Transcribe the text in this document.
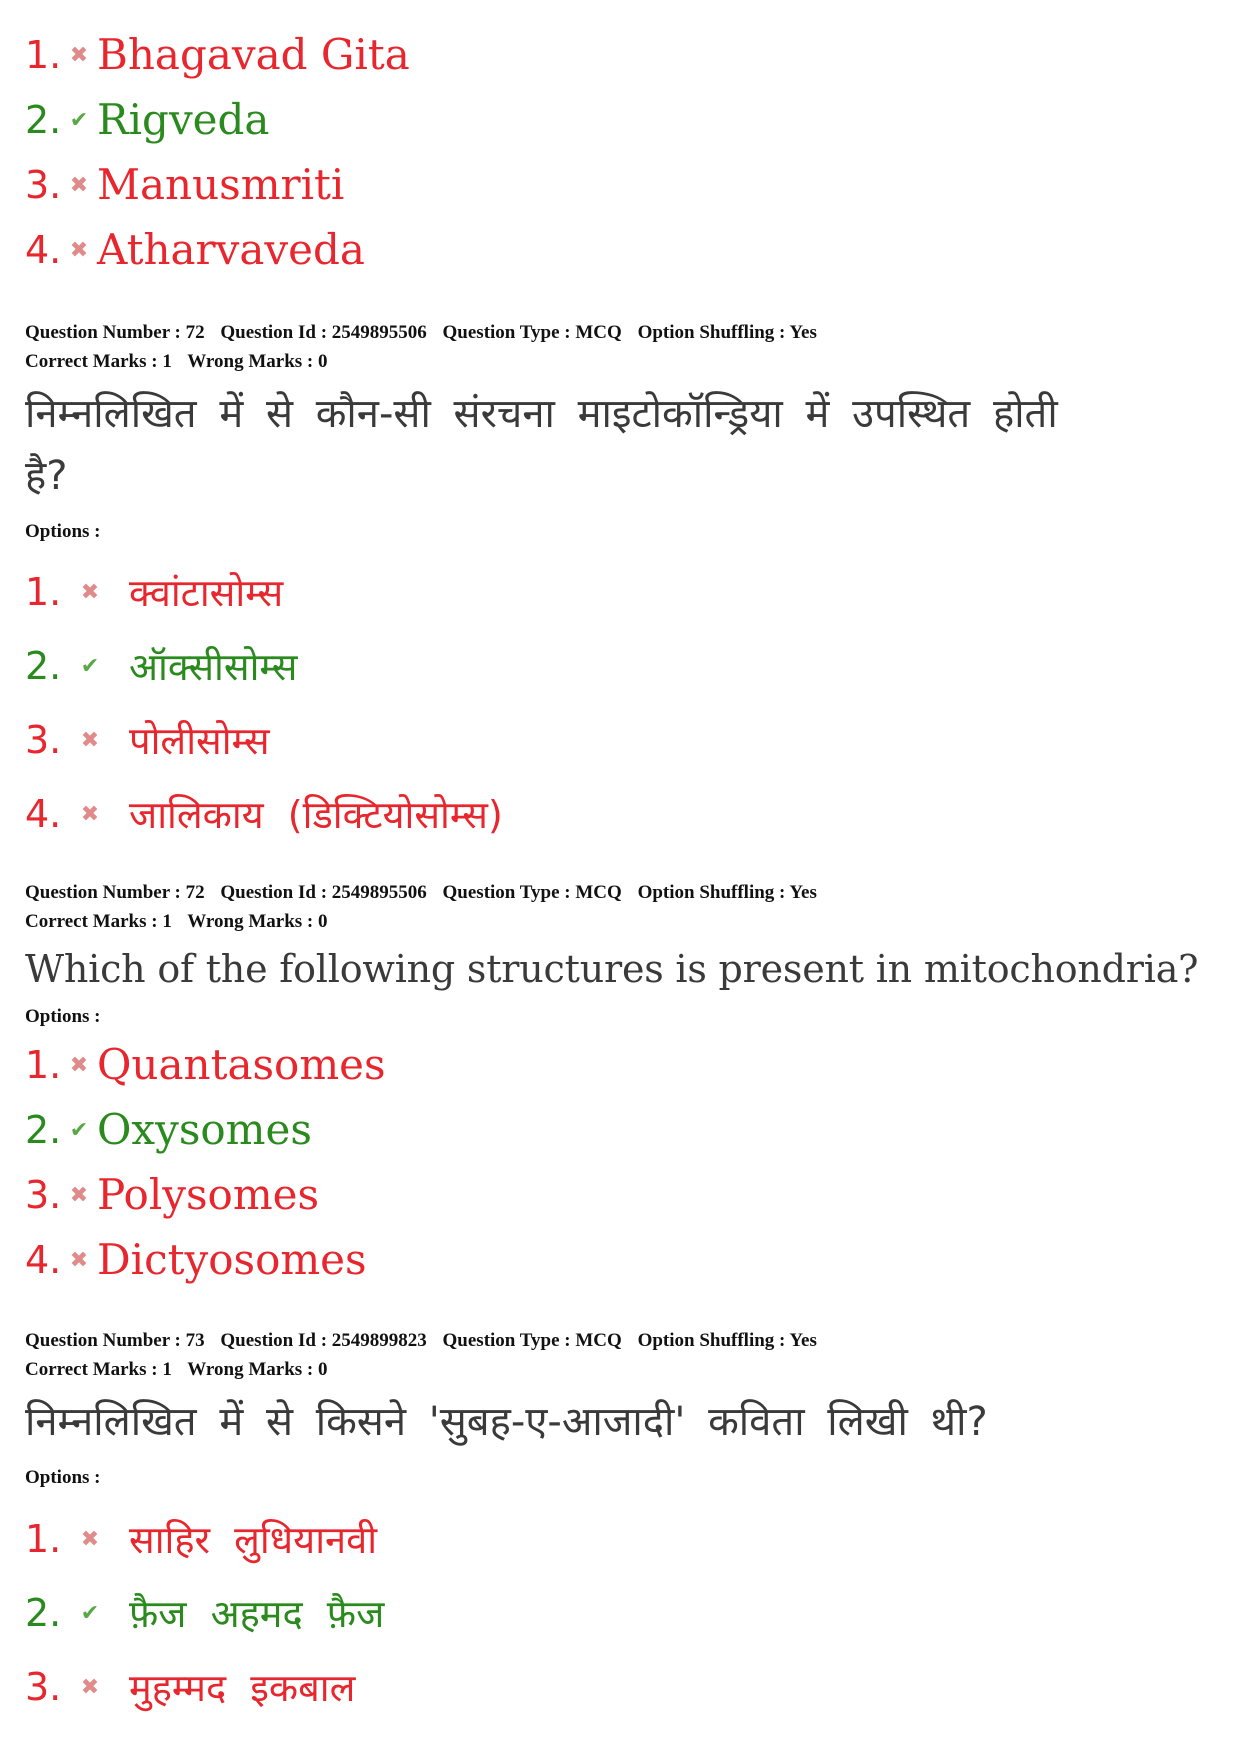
1. ✖ Bhagavad Gita
2. ✔ Rigveda
3. ✖ Manusmriti
4. ✖ Atharvaveda
Question Number : 72 Question Id : 2549895506 Question Type : MCQ Option Shuffling : Yes
Correct Marks : 1 Wrong Marks : 0
निम्नलिखित में से कौन-सी संरचना माइटोकॉन्ड्रिया में उपस्थित होती
है?
Options :
1. ✖ क्वांटासोम्स
2. ✔ ऑक्सीसोम्स
3. ✖ पोलीसोम्स
4. ✖ जालिकाय (डिक्टियोसोम्स)
Question Number : 72 Question Id : 2549895506 Question Type : MCQ Option Shuffling : Yes
Correct Marks : 1 Wrong Marks : 0
Which of the following structures is present in mitochondria?
Options :
1. ✖ Quantasomes
2. ✔ Oxysomes
3. ✖ Polysomes
4. ✖ Dictyosomes
Question Number : 73 Question Id : 2549899823 Question Type : MCQ Option Shuffling : Yes
Correct Marks : 1 Wrong Marks : 0
निम्नलिखित में से किसने 'सुबह-ए-आजादी' कविता लिखी थी?
Options :
1. ✖ साहिर लुधियानवी
2. ✔ फ़ैज अहमद फ़ैज
3. ✖ मुहम्मद इकबाल
